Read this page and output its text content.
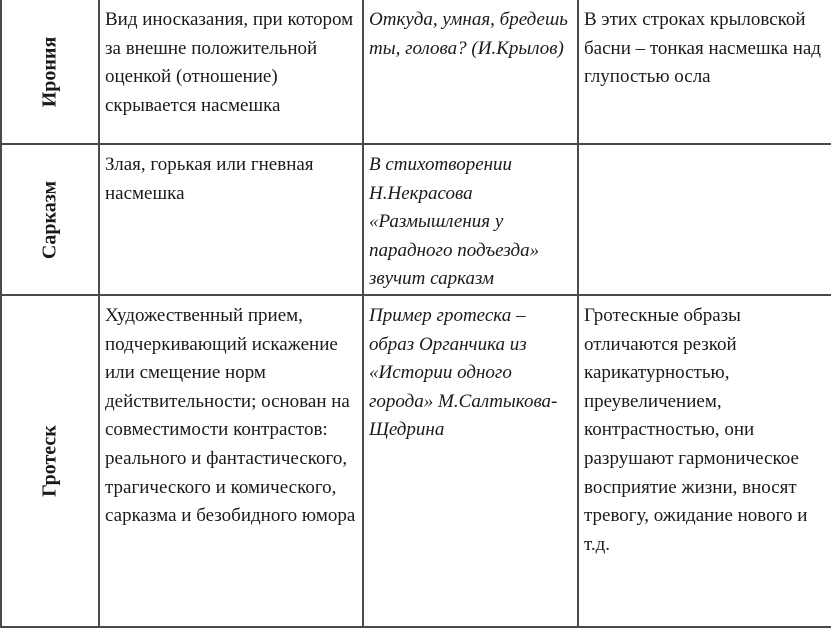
Ирония	Вид иносказания, при котором за внешне положительной оценкой (отношение) скрывается насмешка	Откуда, умная, бредешь ты, голова? (И.Крылов)	В этих строках крыловской басни – тонкая насмешка над глупостью осла

Сарказм	Злая, горькая или гневная насмешка	В стихотворении Н.Некрасова «Размышления у парадного подъезда» звучит сарказм	

Гротеск	Художественный прием, подчеркивающий искажение или смещение норм действительности; основан на совместимости контрастов: реального и фантастического, трагического и комического, сарказма и безобидного юмора	Пример гротеска – образ Органчика из «Истории одного города» М.Салтыкова-Щедрина	Гротескные образы отличаются резкой карикатурностью, преувеличением, контрастностью, они разрушают гармоническое восприятие жизни, вносят тревогу, ожидание нового и т.д.
